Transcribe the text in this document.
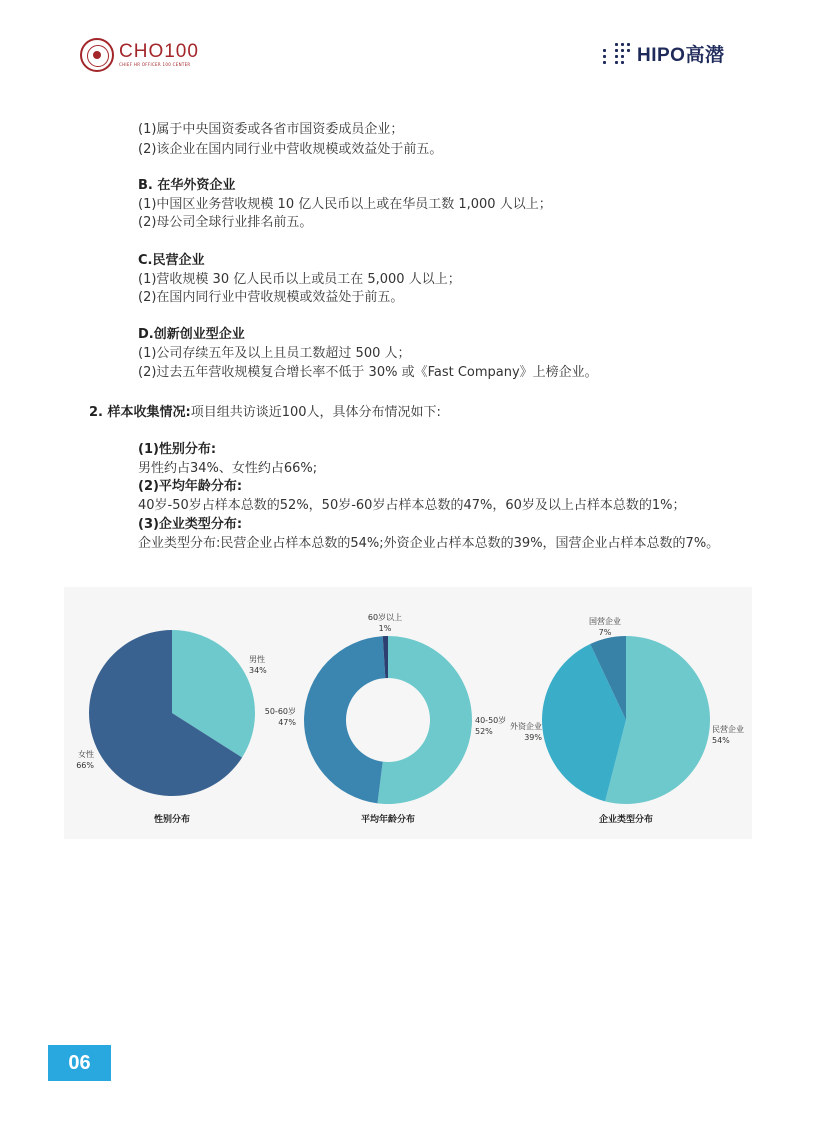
CHO100
CHIEF HR OFFICER 100 CENTER	HIPO高潜
(1)属于中央国资委或各省市国资委成员企业；
(2)该企业在国内同行业中营收规模或效益处于前五。
B. 在华外资企业
(1)中国区业务营收规模 10 亿人民币以上或在华员工数 1,000 人以上；
(2)母公司全球行业排名前五。
C.民营企业
(1)营收规模 30 亿人民币以上或员工在 5,000 人以上；
(2)在国内同行业中营收规模或效益处于前五。
D.创新创业型企业
(1)公司存续五年及以上且员工数超过 500 人；
(2)过去五年营收规模复合增长率不低于 30% 或《Fast Company》上榜企业。
2. 样本收集情况:项目组共访谈近100人，具体分布情况如下:
(1)性别分布:
男性约占34%、女性约占66%;
(2)平均年龄分布:
40岁-50岁占样本总数的52%，50岁-60岁占样本总数的47%，60岁及以上占样本总数的1%；
(3)企业类型分布:
企业类型分布:民营企业占样本总数的54%;外资企业占样本总数的39%，国营企业占样本总数的7%。
男性
34%
女性
66%
性别分布
40-50岁
52%
50-60岁
47%
60岁以上
1%
平均年龄分布
民营企业
54%
外资企业
39%
国营企业
7%
企业类型分布
06
